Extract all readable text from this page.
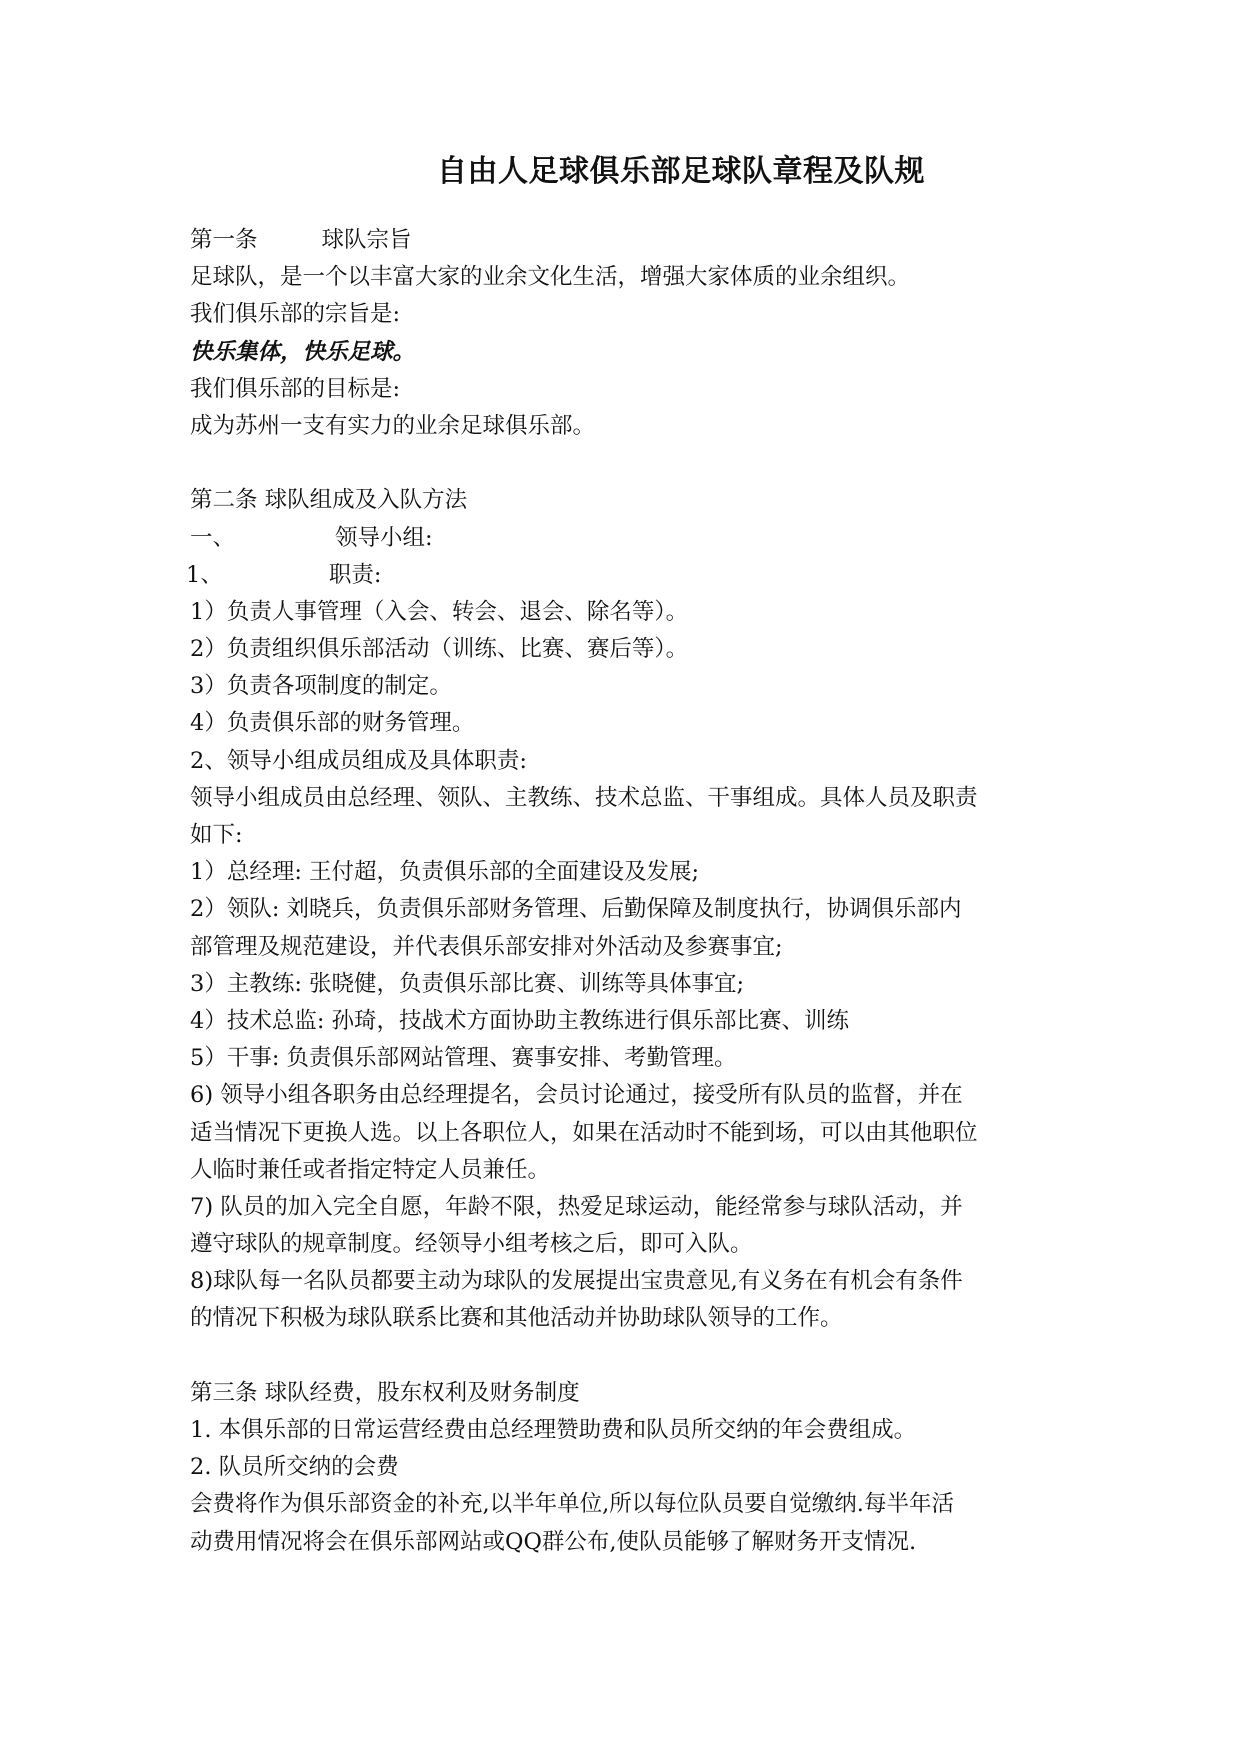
自由人足球俱乐部足球队章程及队规
第一条	球队宗旨
足球队，是一个以丰富大家的业余文化生活，增强大家体质的业余组织。
我们俱乐部的宗旨是:
快乐集体，快乐足球。
我们俱乐部的目标是:
成为苏州一支有实力的业余足球俱乐部。
第二条 球队组成及入队方法
一、	领导小组:
1、	职责:
1）负责人事管理（入会、转会、退会、除名等）。
2）负责组织俱乐部活动（训练、比赛、赛后等）。
3）负责各项制度的制定。
4）负责俱乐部的财务管理。
2、领导小组成员组成及具体职责:
领导小组成员由总经理、领队、主教练、技术总监、干事组成。具体人员及职责
如下:
1）总经理: 王付超，负责俱乐部的全面建设及发展;
2）领队: 刘晓兵，负责俱乐部财务管理、后勤保障及制度执行，协调俱乐部内
部管理及规范建设，并代表俱乐部安排对外活动及参赛事宜;
3）主教练: 张晓健，负责俱乐部比赛、训练等具体事宜;
4）技术总监: 孙琦，技战术方面协助主教练进行俱乐部比赛、训练
5）干事: 负责俱乐部网站管理、赛事安排、考勤管理。
6) 领导小组各职务由总经理提名，会员讨论通过，接受所有队员的监督，并在
适当情况下更换人选。以上各职位人，如果在活动时不能到场，可以由其他职位
人临时兼任或者指定特定人员兼任。
7) 队员的加入完全自愿，年龄不限，热爱足球运动，能经常参与球队活动，并
遵守球队的规章制度。经领导小组考核之后，即可入队。
8)球队每一名队员都要主动为球队的发展提出宝贵意见,有义务在有机会有条件
的情况下积极为球队联系比赛和其他活动并协助球队领导的工作。
第三条 球队经费，股东权利及财务制度
1. 本俱乐部的日常运营经费由总经理赞助费和队员所交纳的年会费组成。
2. 队员所交纳的会费
会费将作为俱乐部资金的补充,以半年单位,所以每位队员要自觉缴纳.每半年活
动费用情况将会在俱乐部网站或QQ群公布,使队员能够了解财务开支情况.
